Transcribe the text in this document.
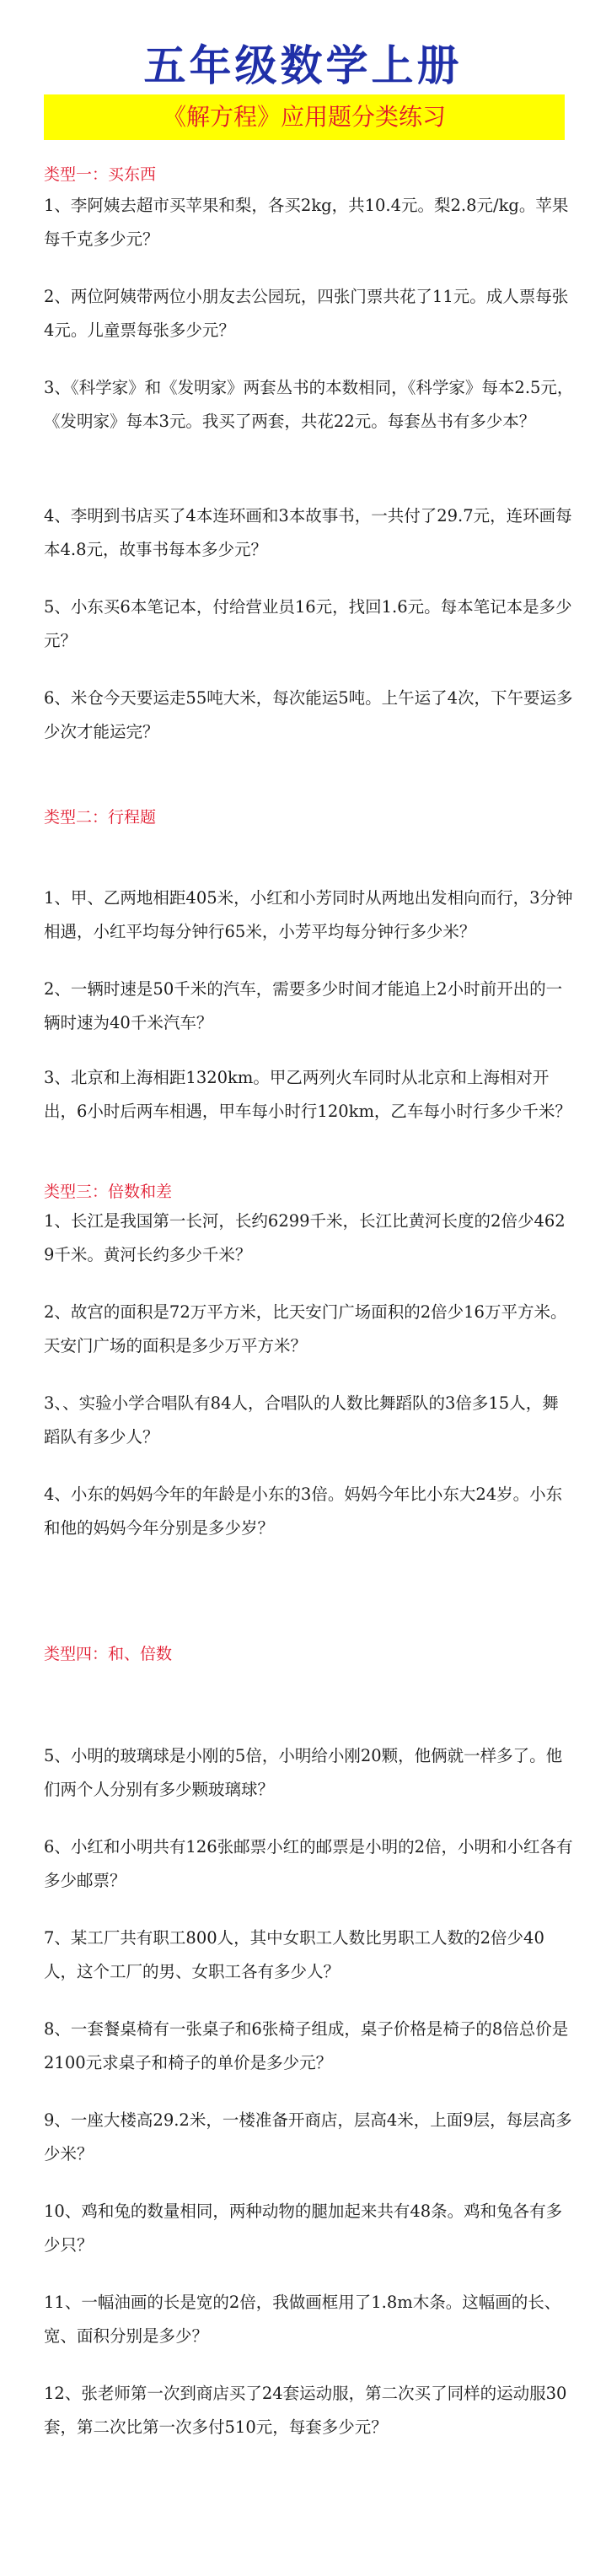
五年级数学上册
《解方程》应用题分类练习
类型一：买东西
1、李阿姨去超市买苹果和梨，各买2kg，共10.4元。梨2.8元/kg。苹果每千克多少元？
2、两位阿姨带两位小朋友去公园玩，四张门票共花了11元。成人票每张4元。儿童票每张多少元？
3、《科学家》和《发明家》两套丛书的本数相同，《科学家》每本2.5元，《发明家》每本3元。我买了两套，共花22元。每套丛书有多少本？
4、李明到书店买了4本连环画和3本故事书，一共付了29.7元，连环画每本4.8元，故事书每本多少元？
5、小东买6本笔记本，付给营业员16元，找回1.6元。每本笔记本是多少元？
6、米仓今天要运走55吨大米，每次能运5吨。上午运了4次，下午要运多少次才能运完？
类型二：行程题
1、甲、乙两地相距405米，小红和小芳同时从两地出发相向而行，3分钟相遇，小红平均每分钟行65米，小芳平均每分钟行多少米？
2、一辆时速是50千米的汽车，需要多少时间才能追上2小时前开出的一辆时速为40千米汽车？
3、北京和上海相距1320km。甲乙两列火车同时从北京和上海相对开出，6小时后两车相遇，甲车每小时行120km，乙车每小时行多少千米？
类型三：倍数和差
1、长江是我国第一长河，长约6299千米，长江比黄河长度的2倍少4629千米。黄河长约多少千米？
2、故宫的面积是72万平方米，比天安门广场面积的2倍少16万平方米。天安门广场的面积是多少万平方米？
3、、实验小学合唱队有84人，合唱队的人数比舞蹈队的3倍多15人，舞蹈队有多少人？
4、小东的妈妈今年的年龄是小东的3倍。妈妈今年比小东大24岁。小东和他的妈妈今年分别是多少岁？
类型四：和、倍数
5、小明的玻璃球是小刚的5倍，小明给小刚20颗，他俩就一样多了。他们两个人分别有多少颗玻璃球？
6、小红和小明共有126张邮票小红的邮票是小明的2倍，小明和小红各有多少邮票？
7、某工厂共有职工800人，其中女职工人数比男职工人数的2倍少40人，这个工厂的男、女职工各有多少人？
8、一套餐桌椅有一张桌子和6张椅子组成，桌子价格是椅子的8倍总价是2100元求桌子和椅子的单价是多少元？
9、一座大楼高29.2米，一楼准备开商店，层高4米，上面9层，每层高多少米？
10、鸡和兔的数量相同，两种动物的腿加起来共有48条。鸡和兔各有多少只？
11、一幅油画的长是宽的2倍，我做画框用了1.8m木条。这幅画的长、宽、面积分别是多少？
12、张老师第一次到商店买了24套运动服，第二次买了同样的运动服30套，第二次比第一次多付510元，每套多少元？
